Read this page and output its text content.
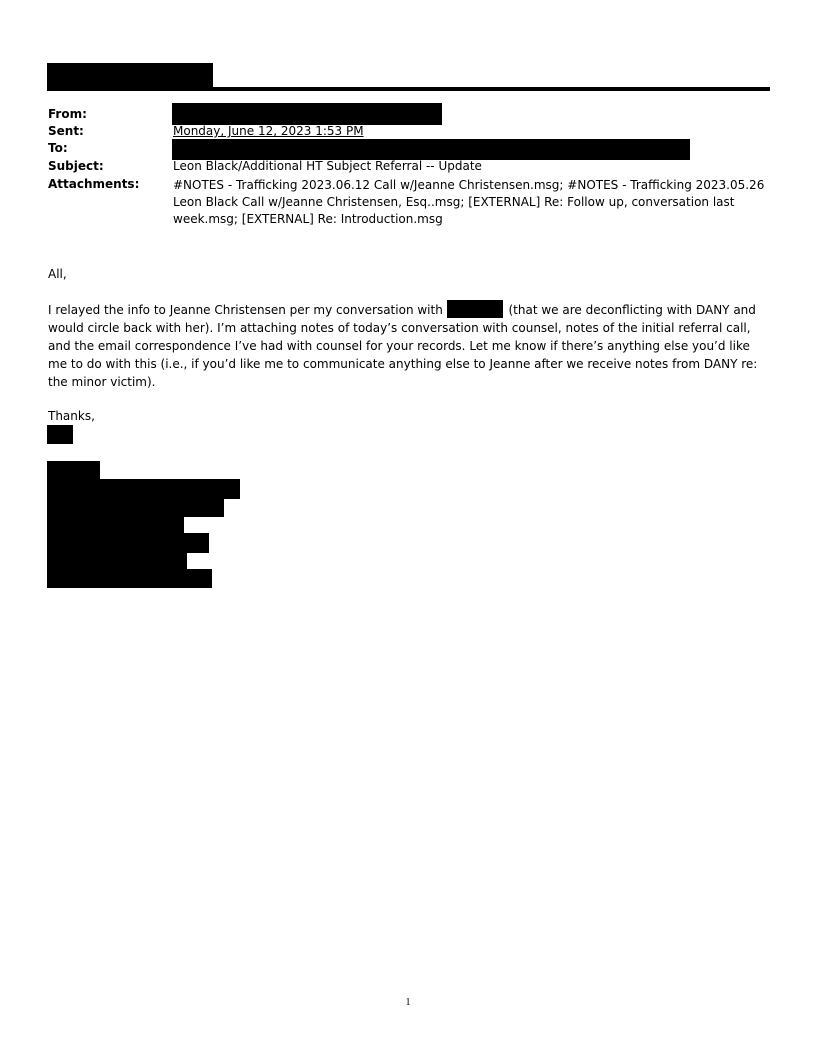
From:
Sent:
To:
Subject:
Attachments:
Monday, June 12, 2023 1:53 PM
Leon Black/Additional HT Subject Referral -- Update
#NOTES - Trafficking 2023.06.12 Call w/Jeanne Christensen.msg; #NOTES - Trafficking 2023.05.26 Leon Black Call w/Jeanne Christensen, Esq..msg; [EXTERNAL] Re: Follow up, conversation last week.msg; [EXTERNAL] Re: Introduction.msg
All,
I relayed the info to Jeanne Christensen per my conversation with	(that we are deconflicting with DANY and would circle back with her). I’m attaching notes of today’s conversation with counsel, notes of the initial referral call, and the email correspondence I’ve had with counsel for your records. Let me know if there’s anything else you’d like me to do with this (i.e., if you’d like me to communicate anything else to Jeanne after we receive notes from DANY re: the minor victim).
Thanks,
1
